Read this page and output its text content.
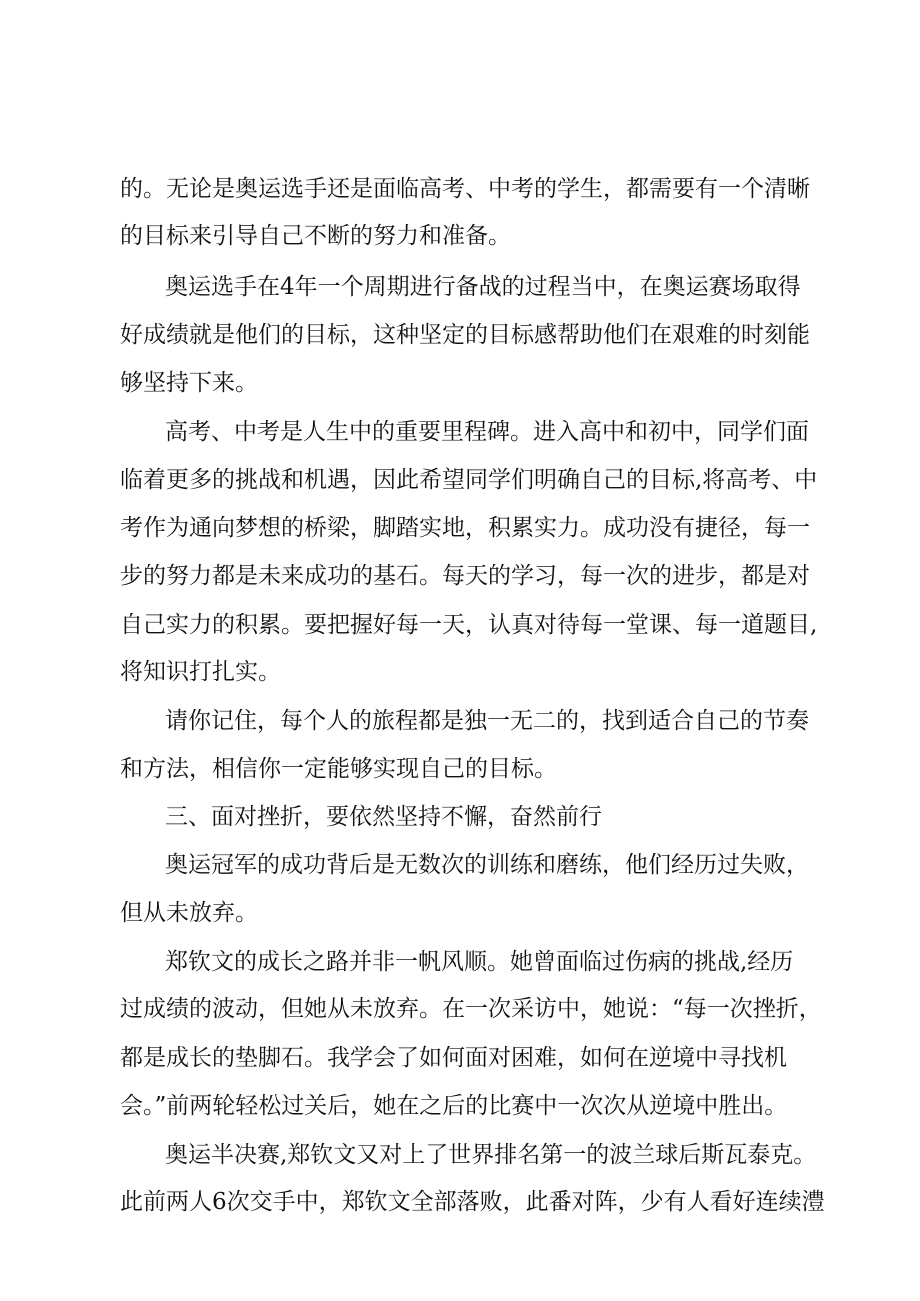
的。无论是奥运选手还是面临高考、中考的学生，都需要有一个清晰

的目标来引导自己不断的努力和准备。

奥运选手在4年一个周期进行备战的过程当中，在奥运赛场取得

好成绩就是他们的目标，这种坚定的目标感帮助他们在艰难的时刻能

够坚持下来。

高考、中考是人生中的重要里程碑。进入高中和初中，同学们面

临着更多的挑战和机遇，因此希望同学们明确自己的目标,将高考、中

考作为通向梦想的桥梁，脚踏实地，积累实力。成功没有捷径，每一

步的努力都是未来成功的基石。每天的学习，每一次的进步，都是对

自己实力的积累。要把握好每一天，认真对待每一堂课、每一道题目,

将知识打扎实。

请你记住，每个人的旅程都是独一无二的，找到适合自己的节奏

和方法，相信你一定能够实现自己的目标。

三、面对挫折，要依然坚持不懈，奋然前行

奥运冠军的成功背后是无数次的训练和磨练，他们经历过失败，

但从未放弃。

郑钦文的成长之路并非一帆风顺。她曾面临过伤病的挑战,经历

过成绩的波动，但她从未放弃。在一次采访中，她说：“每一次挫折，

都是成长的垫脚石。我学会了如何面对困难，如何在逆境中寻找机

会。”前两轮轻松过关后，她在之后的比赛中一次次从逆境中胜出。

奥运半决赛,郑钦文又对上了世界排名第一的波兰球后斯瓦泰克。

此前两人6次交手中，郑钦文全部落败，此番对阵，少有人看好连续澧
